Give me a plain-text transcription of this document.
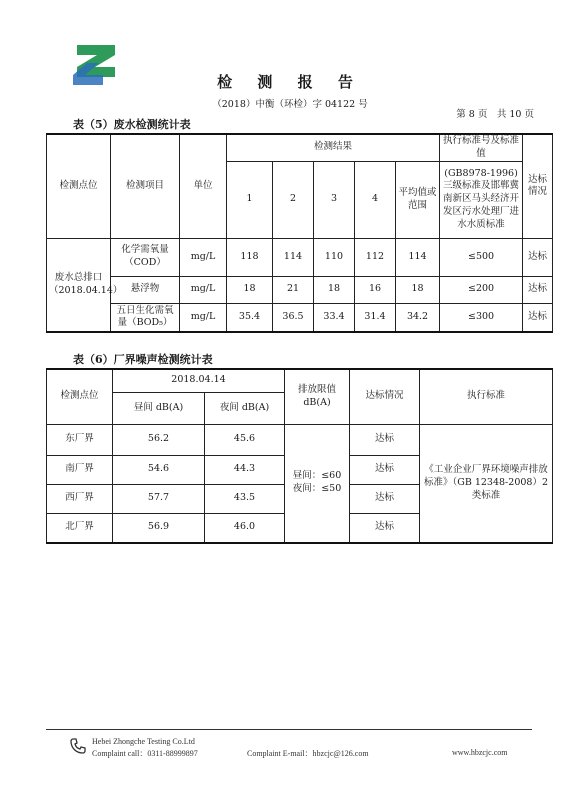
检 测 报 告
（2018）中衡（环检）字 04122 号
第 8 页　共 10 页
表（5）废水检测统计表
检测点位	检测项目	单位	检测结果					执行标准号及标准值	达标情况
			1	2	3	4	平均值或范围	(GB8978-1996)三级标准及邯郸冀南新区马头经济开发区污水处理厂进水水质标准	

废水总排口
（2018.04.14）	化学需氧量（COD）	mg/L	118	114	110	112	114	≤500	达标
	悬浮物	mg/L	18	21	18	16	18	≤200	达标
	五日生化需氧量（BOD₅）	mg/L	35.4	36.5	33.4	31.4	34.2	≤300	达标
表（6）厂界噪声检测统计表
检测点位	2018.04.14		排放限值 dB(A)	达标情况	执行标准
	昼间 dB(A)	夜间 dB(A)			
东厂界	56.2	45.6	昼间：≤60 夜间：≤50	达标	《工业企业厂界环境噪声排放标准》（GB 12348-2008）2 类标准
南厂界	54.6	44.3		达标	
西厂界	57.7	43.5		达标	
北厂界	56.9	46.0		达标	
Hebei Zhongche Testing Co.Ltd
Complaint call：0311-88999897	Complaint E-mail：hbzcjc@126.com	www.hbzcjc.com
